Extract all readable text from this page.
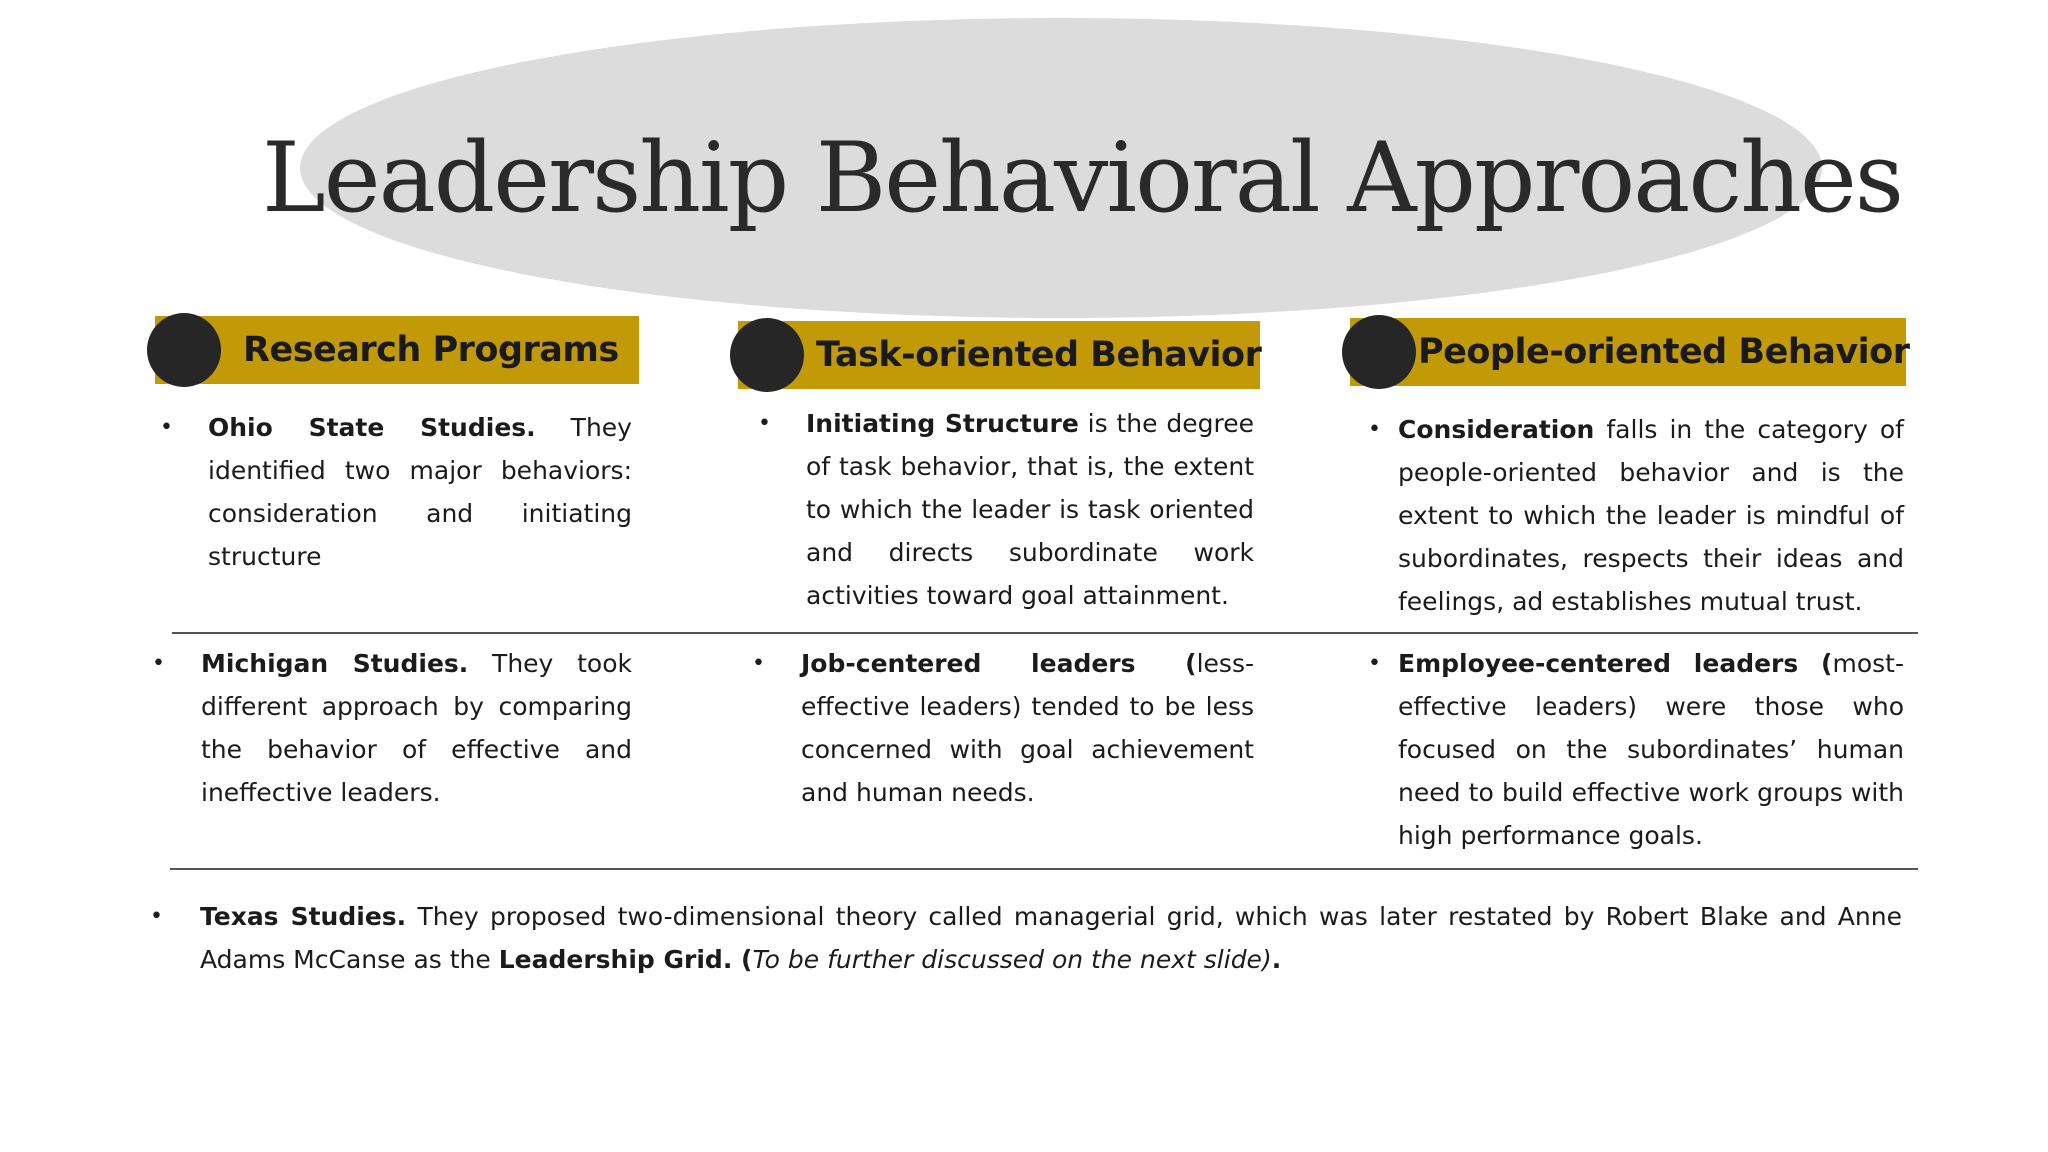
Leadership Behavioral Approaches
Research Programs	Task-oriented Behavior	People-oriented Behavior
• Ohio State Studies. They identified two major behaviors: consideration and initiating structure

• Initiating Structure is the degree of task behavior, that is, the extent to which the leader is task oriented and directs subordinate work activities toward goal attainment.

• Consideration falls in the category of people-oriented behavior and is the extent to which the leader is mindful of subordinates, respects their ideas and feelings, ad establishes mutual trust.

• Michigan Studies. They took different approach by comparing the behavior of effective and ineffective leaders.

• Job-centered leaders (less-effective leaders) tended to be less concerned with goal achievement and human needs.

• Employee-centered leaders (most-effective leaders) were those who focused on the subordinates’ human need to build effective work groups with high performance goals.

• Texas Studies. They proposed two-dimensional theory called managerial grid, which was later restated by Robert Blake and Anne Adams McCanse as the Leadership Grid. (To be further discussed on the next slide).
